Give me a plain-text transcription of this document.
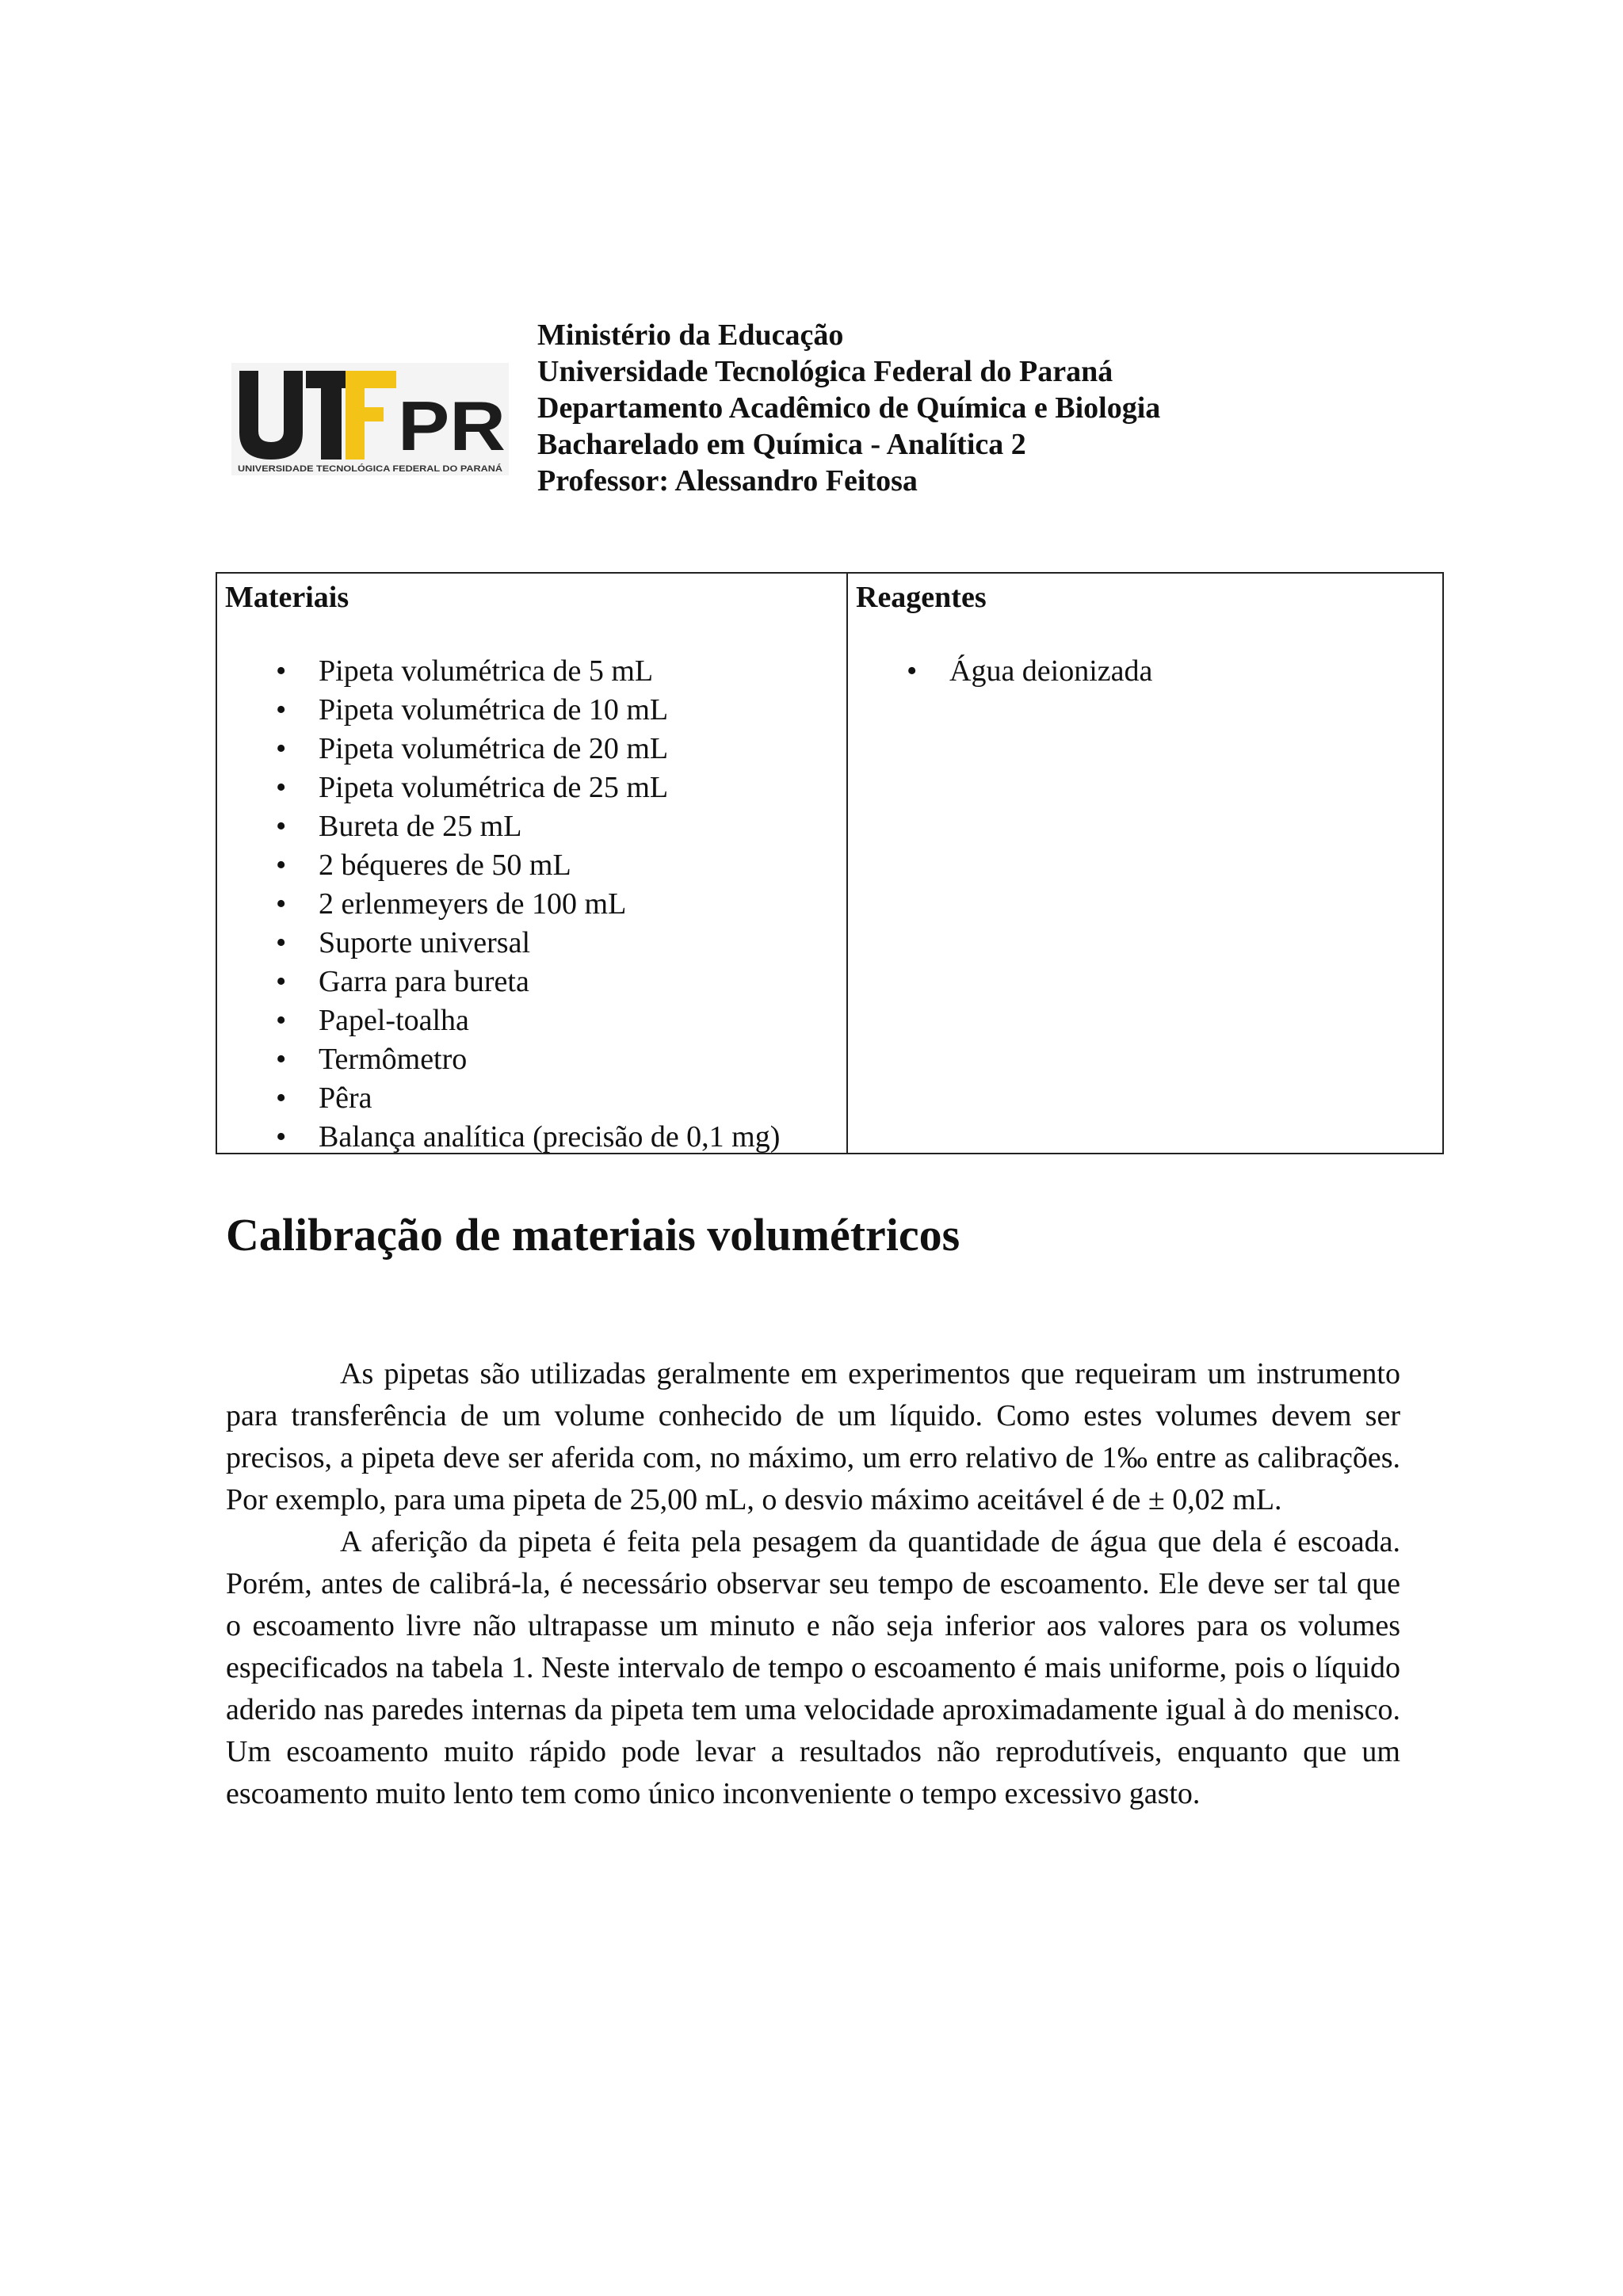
PR
UNIVERSIDADE TECNOLÓGICA FEDERAL DO PARANÁ
Ministério da Educação
Universidade Tecnológica Federal do Paraná
Departamento Acadêmico de Química e Biologia
Bacharelado em Química - Analítica 2
Professor: Alessandro Feitosa
Materiais
• Pipeta volumétrica de 5 mL
• Pipeta volumétrica de 10 mL
• Pipeta volumétrica de 20 mL
• Pipeta volumétrica de 25 mL
• Bureta de 25 mL
• 2 béqueres de 50 mL
• 2 erlenmeyers de 100 mL
• Suporte universal
• Garra para bureta
• Papel-toalha
• Termômetro
• Pêra
• Balança analítica (precisão de 0,1 mg)
Reagentes
• Água deionizada
Calibração de materiais volumétricos

As pipetas são utilizadas geralmente em experimentos que requeiram um instrumento para transferência de um volume conhecido de um líquido. Como estes volumes devem ser precisos, a pipeta deve ser aferida com, no máximo, um erro relativo de 1‰ entre as calibrações. Por exemplo, para uma pipeta de 25,00 mL, o desvio máximo aceitável é de ± 0,02 mL.

A aferição da pipeta é feita pela pesagem da quantidade de água que dela é escoada. Porém, antes de calibrá-la, é necessário observar seu tempo de escoamento. Ele deve ser tal que o escoamento livre não ultrapasse um minuto e não seja inferior aos valores para os volumes especificados na tabela 1. Neste intervalo de tempo o escoamento é mais uniforme, pois o líquido aderido nas paredes internas da pipeta tem uma velocidade aproximadamente igual à do menisco. Um escoamento muito rápido pode levar a resultados não reprodutíveis, enquanto que um escoamento muito lento tem como único inconveniente o tempo excessivo gasto.
